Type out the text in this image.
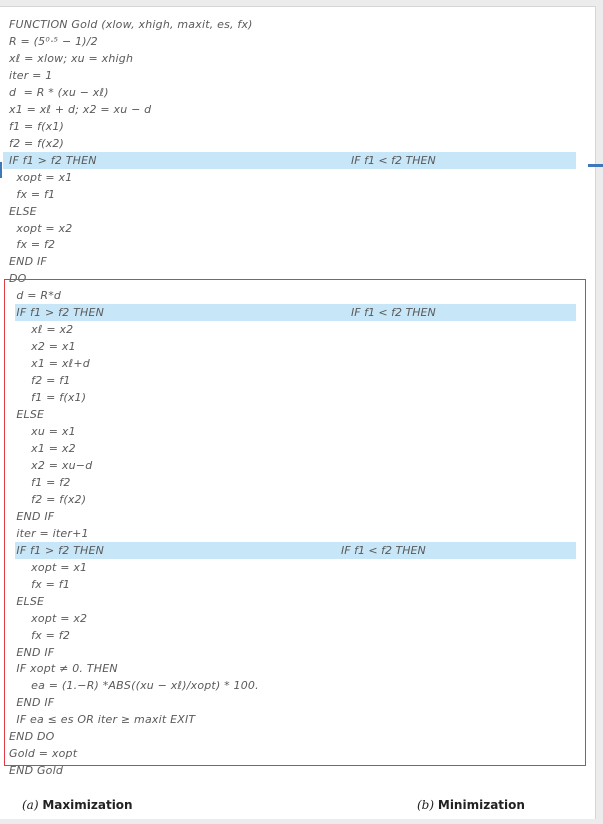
FUNCTION Gold (xlow, xhigh, maxit, es, fx)
R = (5⁰·⁵ − 1)/2
xℓ = xlow; xu = xhigh
iter = 1
d  = R * (xu − xℓ)
x1 = xℓ + d; x2 = xu − d
f1 = f(x1)
f2 = f(x2)
IF f1 > f2 THEN
xopt = x1
fx = f1
ELSE
xopt = x2
fx = f2
END IF
DO
d = R*d
IF f1 > f2 THEN
xℓ = x2
x2 = x1
x1 = xℓ+d
f2 = f1
f1 = f(x1)
ELSE
xu = x1
x1 = x2
x2 = xu−d
f1 = f2
f2 = f(x2)
END IF
iter = iter+1
IF f1 > f2 THEN
xopt = x1
fx = f1
ELSE
xopt = x2
fx = f2
END IF
IF xopt ≠ 0. THEN
ea = (1.−R) *ABS((xu − xℓ)/xopt) * 100.
END IF
IF ea ≤ es OR iter ≥ maxit EXIT
END DO
Gold = xopt
END Gold
IF f1 < f2 THEN
IF f1 < f2 THEN
IF f1 < f2 THEN
(a) Maximization	(b) Minimization
